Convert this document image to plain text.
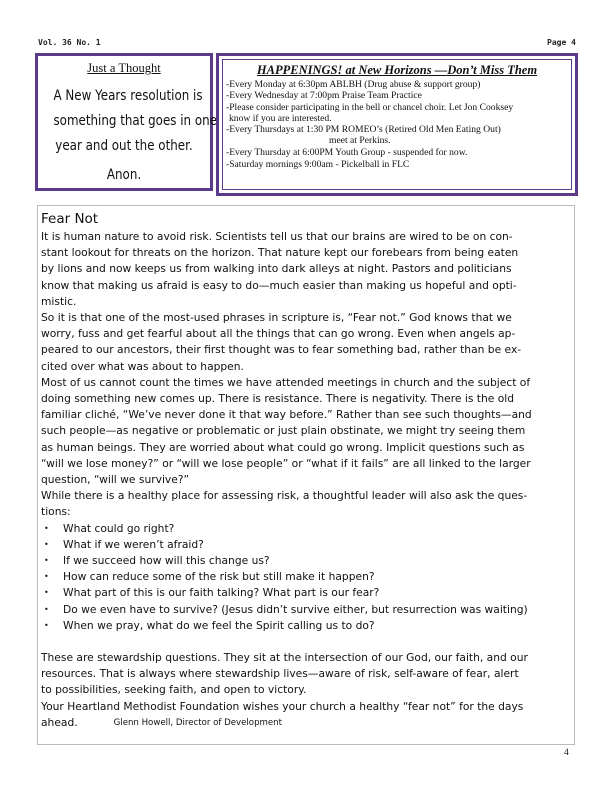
Vol. 36 No. 1	Page 4
Just a Thought
A New Years resolution is
something that goes in one
year and out the other.
Anon.
HAPPENINGS! at New Horizons —Don’t Miss Them
-Every Monday at 6:30pm ABLBH (Drug abuse & support group)
-Every Wednesday at 7:00pm Praise Team Practice
-Please consider participating in the bell or chancel choir. Let Jon Cooksey
know if you are interested.
-Every Thursdays at 1:30 PM ROMEO’s (Retired Old Men Eating Out)
meet at Perkins.
-Every Thursday at 6:00PM Youth Group - suspended for now.
-Saturday mornings 9:00am - Pickelball in FLC
Fear Not
It is human nature to avoid risk. Scientists tell us that our brains are wired to be on con-
stant lookout for threats on the horizon. That nature kept our forebears from being eaten
by lions and now keeps us from walking into dark alleys at night. Pastors and politicians
know that making us afraid is easy to do—much easier than making us hopeful and opti-
mistic.
So it is that one of the most-used phrases in scripture is, “Fear not.” God knows that we
worry, fuss and get fearful about all the things that can go wrong. Even when angels ap-
peared to our ancestors, their first thought was to fear something bad, rather than be ex-
cited over what was about to happen.
Most of us cannot count the times we have attended meetings in church and the subject of
doing something new comes up. There is resistance. There is negativity. There is the old
familiar cliché, “We’ve never done it that way before.” Rather than see such thoughts—and
such people—as negative or problematic or just plain obstinate, we might try seeing them
as human beings. They are worried about what could go wrong. Implicit questions such as
“will we lose money?” or “will we lose people” or “what if it fails” are all linked to the larger
question, “will we survive?”
While there is a healthy place for assessing risk, a thoughtful leader will also ask the ques-
tions:
• What could go right?
• What if we weren’t afraid?
• If we succeed how will this change us?
• How can reduce some of the risk but still make it happen?
• What part of this is our faith talking? What part is our fear?
• Do we even have to survive? (Jesus didn’t survive either, but resurrection was waiting)
• When we pray, what do we feel the Spirit calling us to do?
These are stewardship questions. They sit at the intersection of our God, our faith, and our
resources. That is always where stewardship lives—aware of risk, self-aware of fear, alert
to possibilities, seeking faith, and open to victory.
Your Heartland Methodist Foundation wishes your church a healthy “fear not” for the days
ahead.	Glenn Howell, Director of Development
4
